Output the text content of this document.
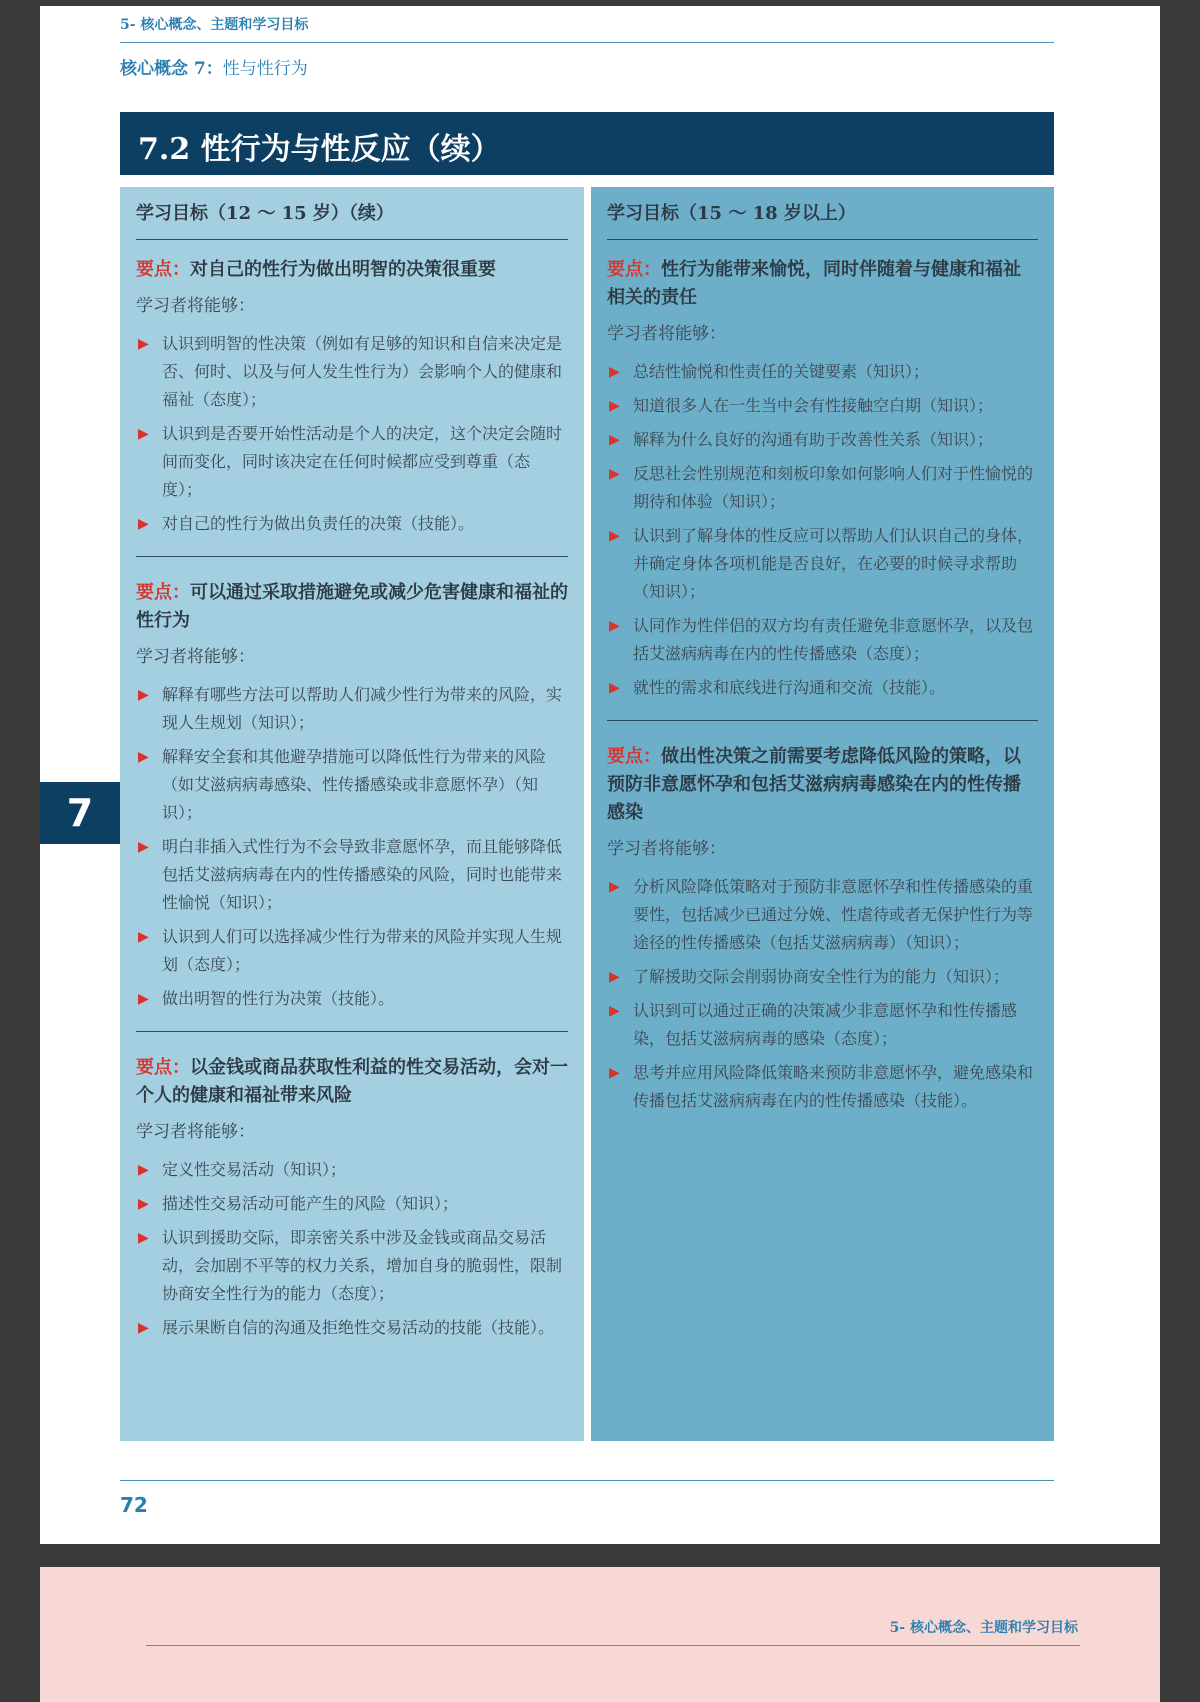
5- 核心概念、主题和学习目标
核心概念 7：性与性行为
7.2 性行为与性反应（续）
学习目标（12 ～ 15 岁）（续）
要点：对自己的性行为做出明智的决策很重要
学习者将能够：
▶ 认识到明智的性决策（例如有足够的知识和自信来决定是否、何时、以及与何人发生性行为）会影响个人的健康和福祉（态度）；
▶ 认识到是否要开始性活动是个人的决定，这个决定会随时间而变化，同时该决定在任何时候都应受到尊重（态度）；
▶ 对自己的性行为做出负责任的决策（技能）。
要点：可以通过采取措施避免或减少危害健康和福祉的性行为
学习者将能够：
▶ 解释有哪些方法可以帮助人们减少性行为带来的风险，实现人生规划（知识）；
▶ 解释安全套和其他避孕措施可以降低性行为带来的风险（如艾滋病病毒感染、性传播感染或非意愿怀孕）（知识）；
▶ 明白非插入式性行为不会导致非意愿怀孕，而且能够降低包括艾滋病病毒在内的性传播感染的风险，同时也能带来性愉悦（知识）；
▶ 认识到人们可以选择减少性行为带来的风险并实现人生规划（态度）；
▶ 做出明智的性行为决策（技能）。
要点：以金钱或商品获取性利益的性交易活动，会对一个人的健康和福祉带来风险
学习者将能够：
▶ 定义性交易活动（知识）；
▶ 描述性交易活动可能产生的风险（知识）；
▶ 认识到援助交际，即亲密关系中涉及金钱或商品交易活动，会加剧不平等的权力关系，增加自身的脆弱性，限制协商安全性行为的能力（态度）；
▶ 展示果断自信的沟通及拒绝性交易活动的技能（技能）。
学习目标（15 ～ 18 岁以上）
要点：性行为能带来愉悦，同时伴随着与健康和福祉相关的责任
学习者将能够：
▶ 总结性愉悦和性责任的关键要素（知识）；
▶ 知道很多人在一生当中会有性接触空白期（知识）；
▶ 解释为什么良好的沟通有助于改善性关系（知识）；
▶ 反思社会性别规范和刻板印象如何影响人们对于性愉悦的期待和体验（知识）；
▶ 认识到了解身体的性反应可以帮助人们认识自己的身体，并确定身体各项机能是否良好，在必要的时候寻求帮助（知识）；
▶ 认同作为性伴侣的双方均有责任避免非意愿怀孕，以及包括艾滋病病毒在内的性传播感染（态度）；
▶ 就性的需求和底线进行沟通和交流（技能）。
要点：做出性决策之前需要考虑降低风险的策略，以预防非意愿怀孕和包括艾滋病病毒感染在内的性传播感染
学习者将能够：
▶ 分析风险降低策略对于预防非意愿怀孕和性传播感染的重要性，包括减少已通过分娩、性虐待或者无保护性行为等途径的性传播感染（包括艾滋病病毒）（知识）；
▶ 了解援助交际会削弱协商安全性行为的能力（知识）；
▶ 认识到可以通过正确的决策减少非意愿怀孕和性传播感染，包括艾滋病病毒的感染（态度）；
▶ 思考并应用风险降低策略来预防非意愿怀孕，避免感染和传播包括艾滋病病毒在内的性传播感染（技能）。
7
72
5- 核心概念、主题和学习目标
